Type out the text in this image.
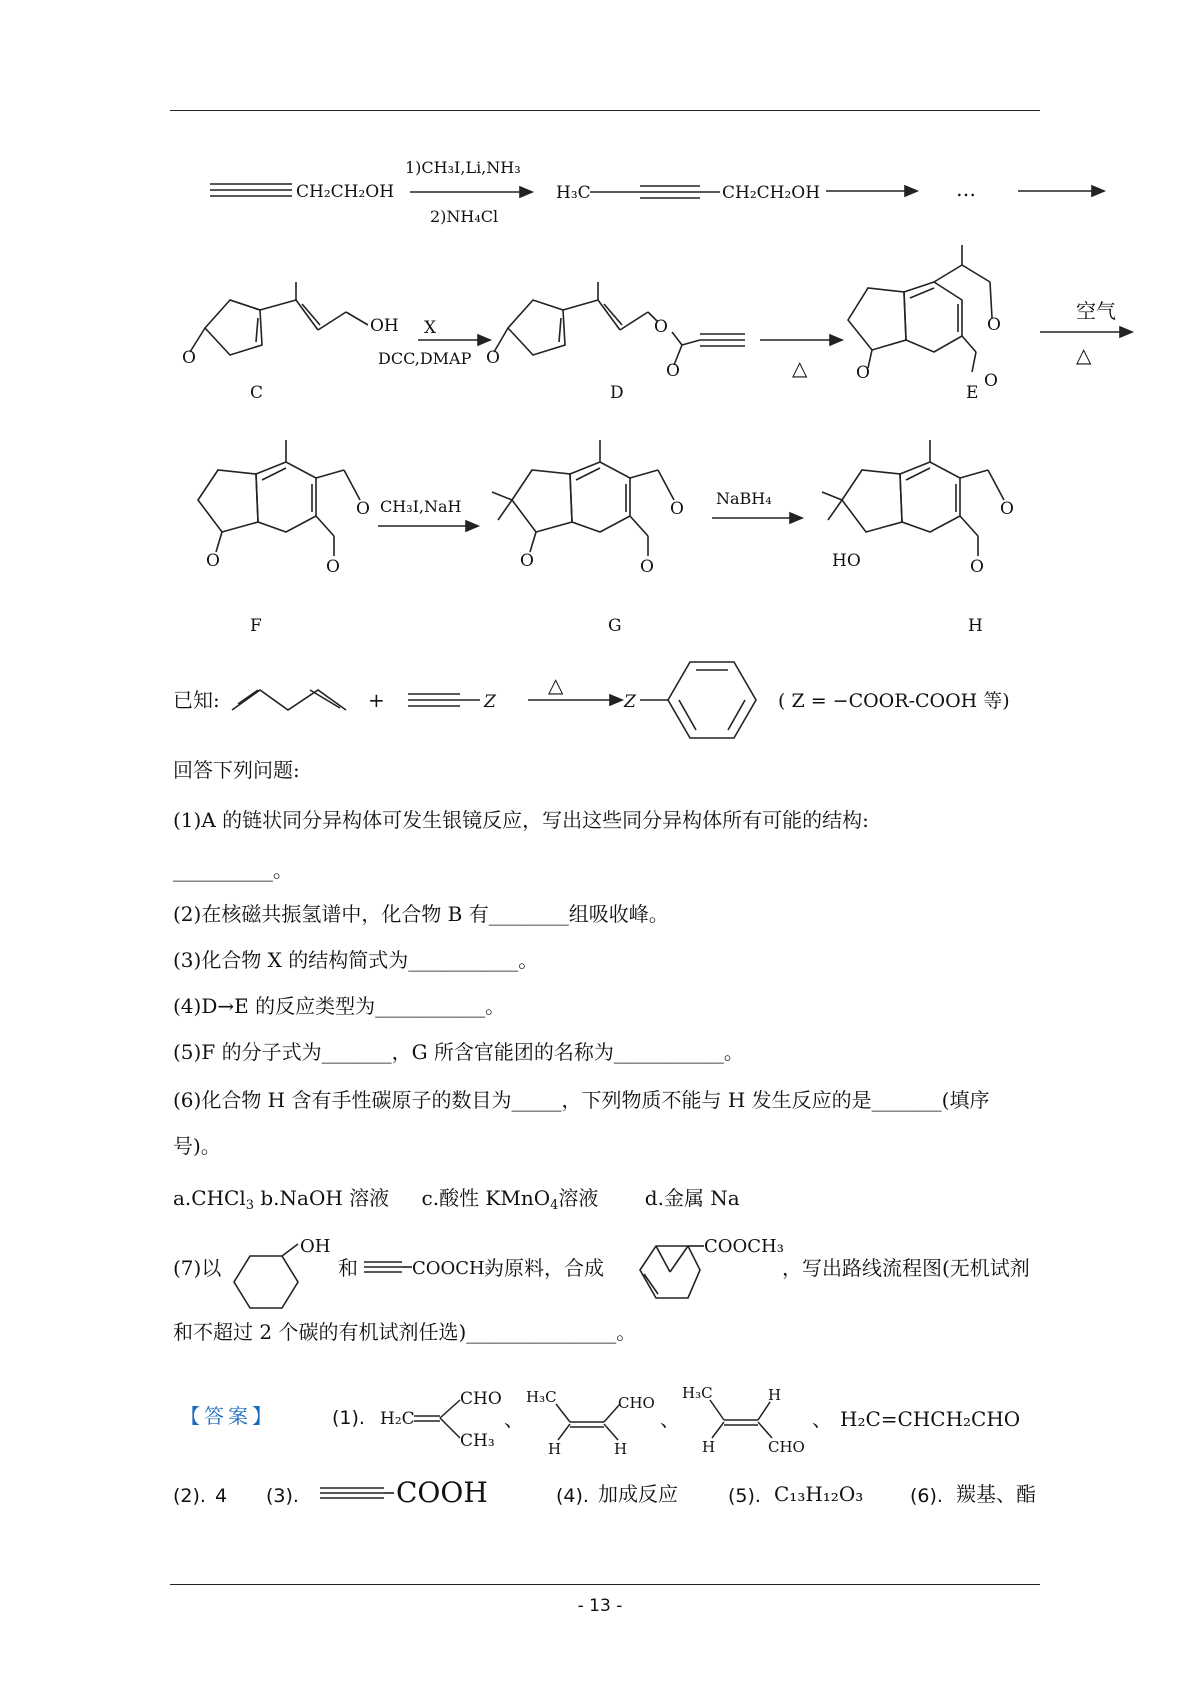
CH₂CH₂OH
1)CH₃I,Li,NH₃
2)NH₄Cl
H₃C	CH₂CH₂OH	…
OH
O
C
X
DCC,DMAP O
O
O
D
△	O
O
O
E
空气
△
O
O
O
F
CH₃I,NaH
O
O
O
G
NaBH₄
HO
O
O
H
已知:	+	Z
△
Z	( Z = −COOR-COOH 等)
回答下列问题:
(1)A 的链状同分异构体可发生银镜反应，写出这些同分异构体所有可能的结构:
__________。
(2)在核磁共振氢谱中，化合物 B 有________组吸收峰。
(3)化合物 X 的结构简式为___________。
(4)D→E 的反应类型为___________。
(5)F 的分子式为_______，G 所含官能团的名称为___________。
(6)化合物 H 含有手性碳原子的数目为_____，下列物质不能与 H 发生反应的是_______(填序
号)。
a.CHCl$_3$ b.NaOH 溶液 c.酸性 KMnO$_4$溶液 d.金属 Na
(7)以
OH
和	COOCH₃
为原料，合成
COOCH₃
，写出路线流程图(无机试剂
和不超过 2 个碳的有机试剂任选)_______________。
【答案】	(1). H₂C
CHO
CH₃
、
H₃C	CHO
H	H
、
H₃C	H
H	CHO
、 H₂C=CHCH₂CHO
(2). 4 (3).	COOH	(4). 加成反应	(5). C₁₃H₁₂O₃ (6). 羰基、酯
- 13 -
